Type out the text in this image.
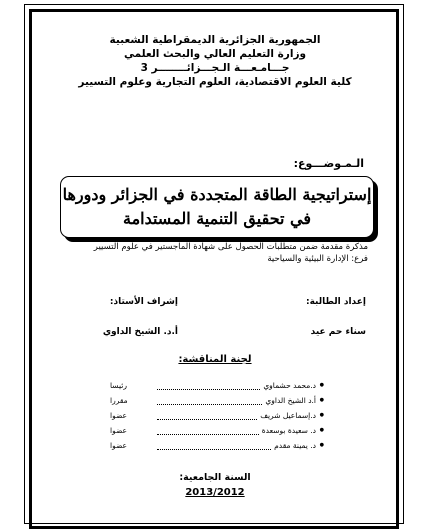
الجمهورية الجزائرية الديمقراطية الشعبية
وزارة التعليم العالي والبحث العلمي
جـــامـعـــة الـجـــزائــــــــر 3
كلية العلوم الاقتصادية، العلوم التجارية وعلوم التسيير
الـمـوضـــوع:
إستراتيجية الطاقة المتجددة في الجزائر ودورها
في تحقيق التنمية المستدامة
مذكرة مقدمة ضمن متطلبات الحصول على شهادة الماجستير في علوم التسيير
فرع: الإدارة البيئية والسياحية
إعداد الطالبة:
إشراف الأستاذ:
سناء حم عيد
أ.د. الشيخ الداوي
لجنة المناقشة:
●
د.محمد حشماوي
رئيسا
●
أ.د الشيخ الداوي
مقررا
●
د.إسماعيل شريف
عضوا
●
د. سعيدة بوسعدة
عضوا
●
د. يمينة مقدم
عضوا
السنة الجامعية:
2013/2012
